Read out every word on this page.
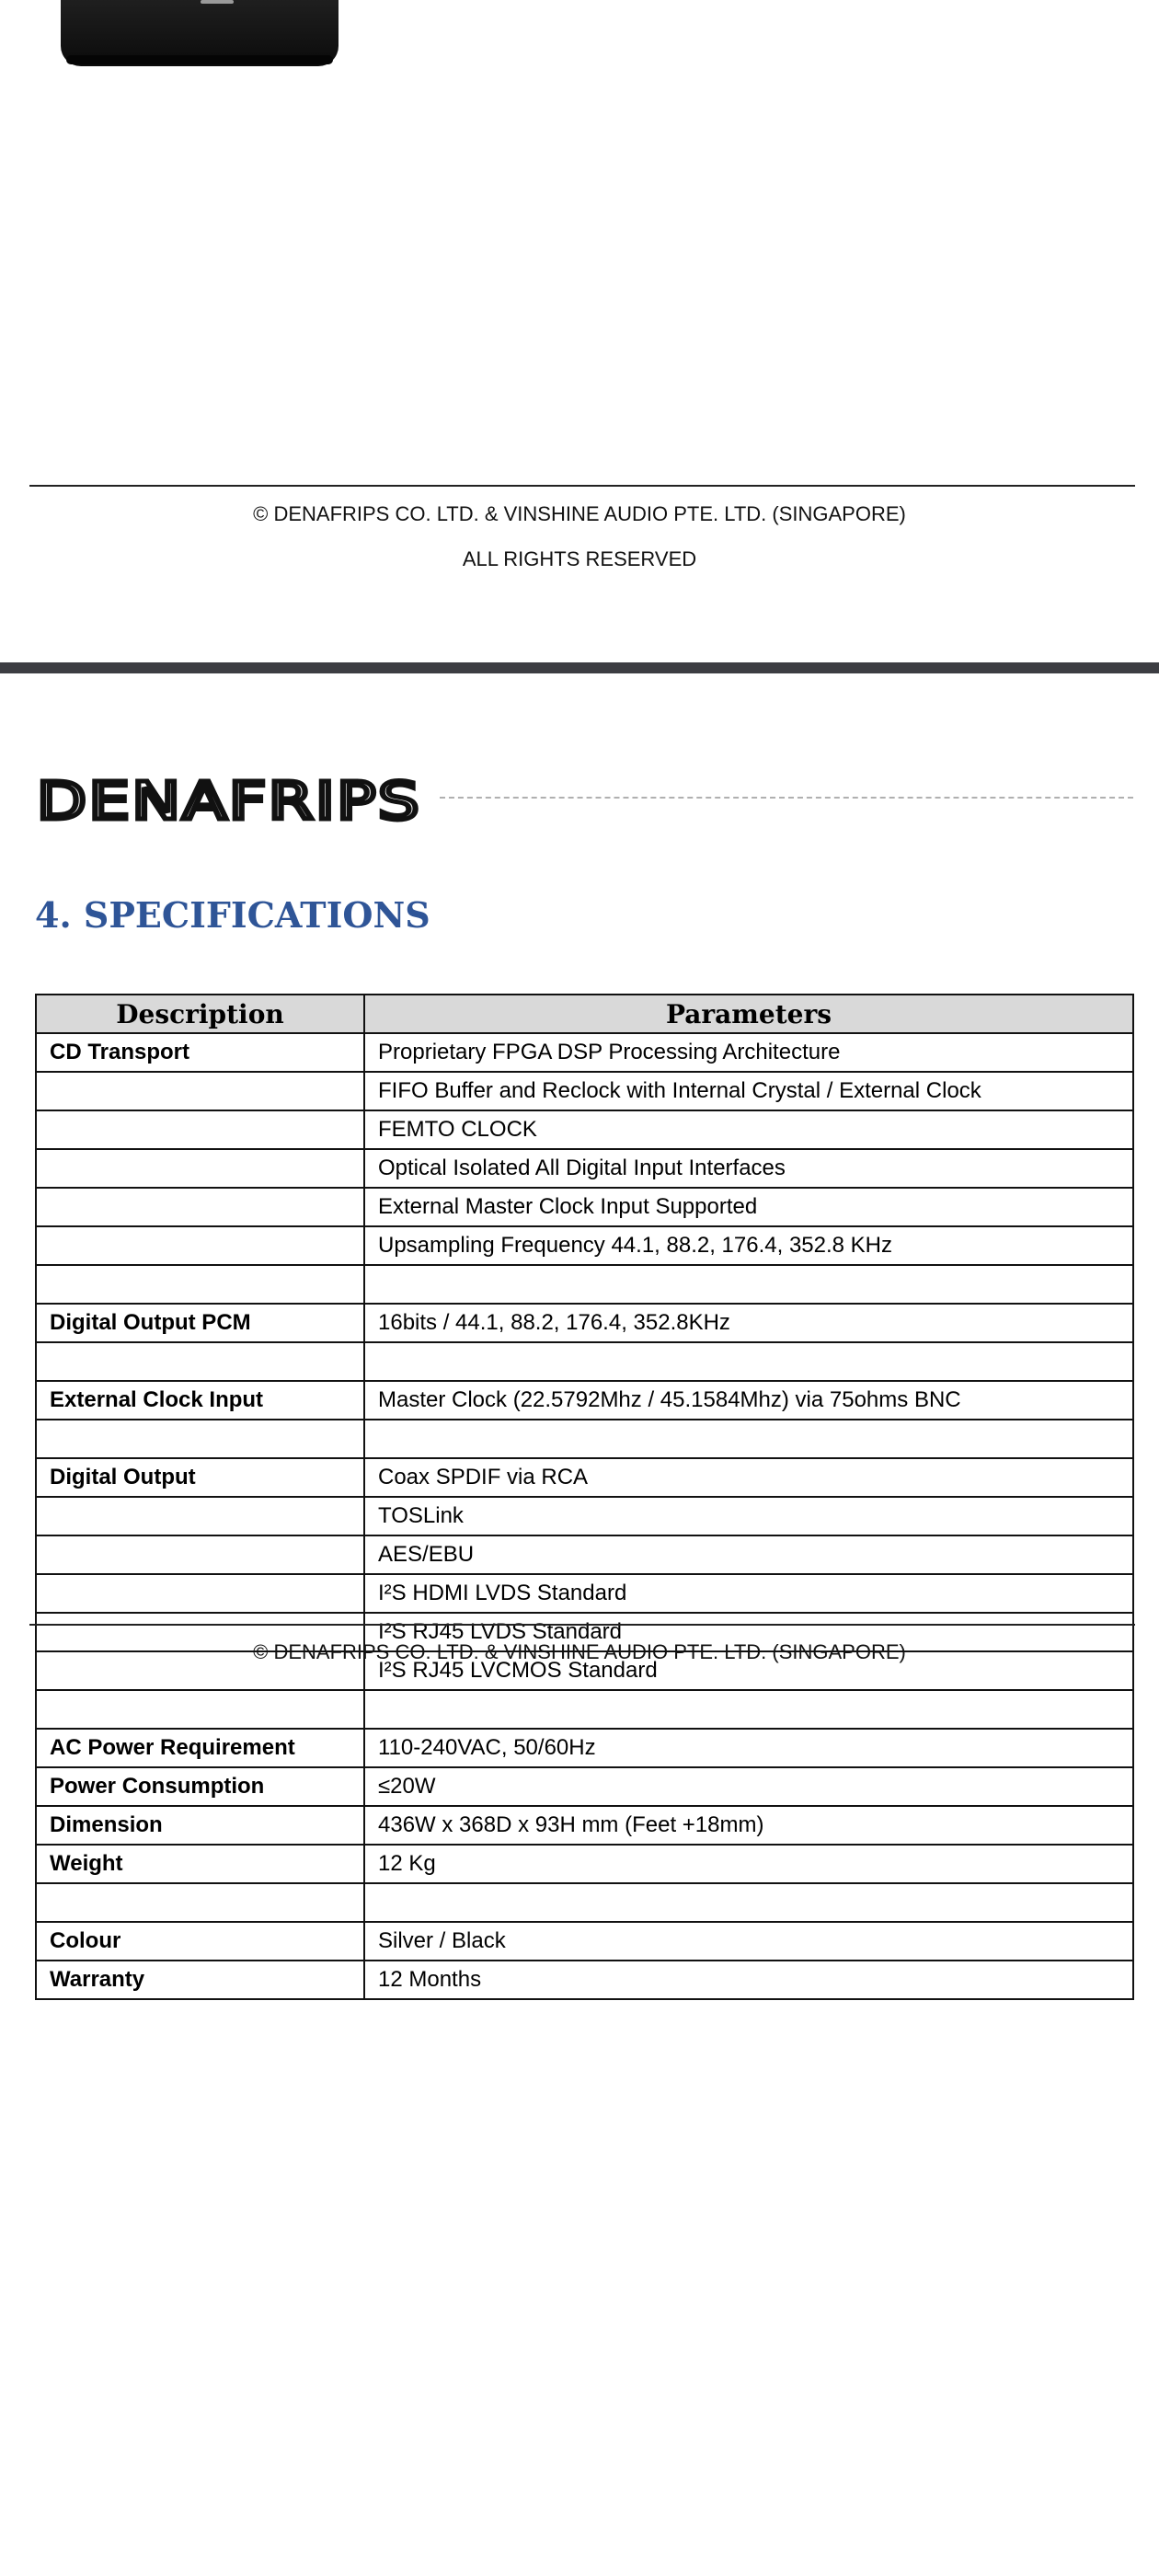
© DENAFRIPS CO. LTD. & VINSHINE AUDIO PTE. LTD. (SINGAPORE)
ALL RIGHTS RESERVED
DENAFRIPS
4. SPECIFICATIONS
Description	Parameters
CD Transport	Proprietary FPGA DSP Processing Architecture
	FIFO Buffer and Reclock with Internal Crystal / External Clock
	FEMTO CLOCK
	Optical Isolated All Digital Input Interfaces
	External Master Clock Input Supported
	Upsampling Frequency 44.1, 88.2, 176.4, 352.8 KHz

Digital Output PCM	16bits / 44.1, 88.2, 176.4, 352.8KHz

External Clock Input	Master Clock (22.5792Mhz / 45.1584Mhz) via 75ohms BNC

Digital Output	Coax SPDIF via RCA
	TOSLink
	AES/EBU
	I²S HDMI LVDS Standard
	I²S RJ45 LVDS Standard
	I²S RJ45 LVCMOS Standard

AC Power Requirement	110-240VAC, 50/60Hz
Power Consumption	≤20W
Dimension	436W x 368D x 93H mm (Feet +18mm)
Weight	12 Kg

Colour	Silver / Black
Warranty	12 Months
© DENAFRIPS CO. LTD. & VINSHINE AUDIO PTE. LTD. (SINGAPORE)
